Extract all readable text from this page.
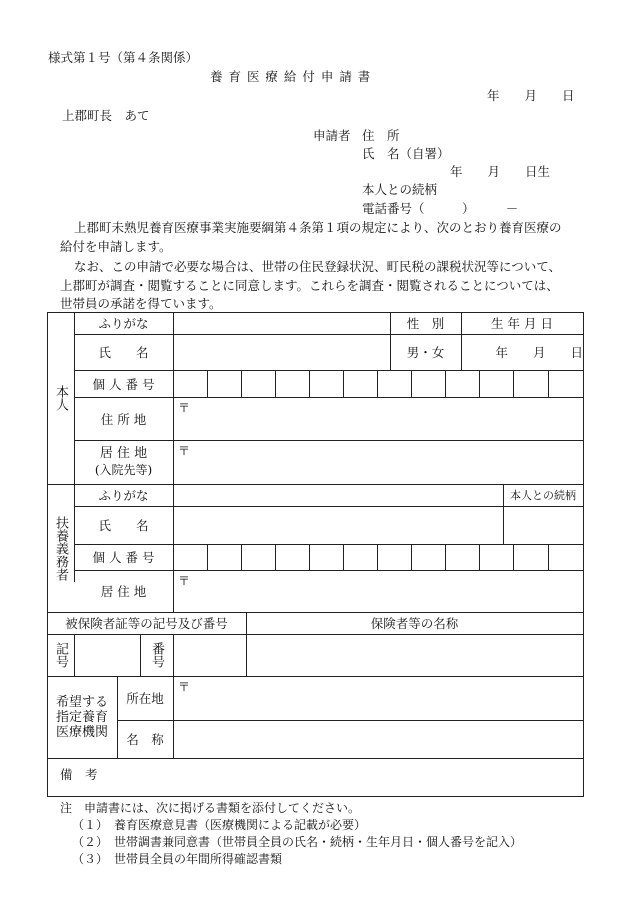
様式第１号（第４条関係）
養 育 医 療 給 付 申 請 書
年　　月　　日
上郡町長　あて
申請者 住　所
氏　名（自署）
年　　月　　日生
本人との続柄
電話番号（　　　）　　　－
上郡町未熟児養育医療事業実施要綱第４条第１項の規定により、次のとおり養育医療の
給付を申請します。
なお、この申請で必要な場合は、世帯の住民登録状況、町民税の課税状況等について、
上郡町が調査・閲覧することに同意します。これらを調査・閲覧されることについては、
世帯員の承諾を得ています。
本人
ふりがな	性　別	生 年 月 日
氏　　名	男・女	年　　月　　日
個 人 番 号
住 所 地
〒
居 住 地
(入院先等)
〒
扶養義務者
ふりがな	本人との続柄
氏　　名
個 人 番 号
居 住 地
〒
被保険者証等の記号及び番号	保険者等の名称
記号	番号
希望する
指定養育
医療機関
所在地
〒
名　称
備　考
注　申請書には、次に掲げる書類を添付してください。
（１）　養育医療意見書（医療機関による記載が必要）
（２）　世帯調書兼同意書（世帯員全員の氏名・続柄・生年月日・個人番号を記入）
（３）　世帯員全員の年間所得確認書類
